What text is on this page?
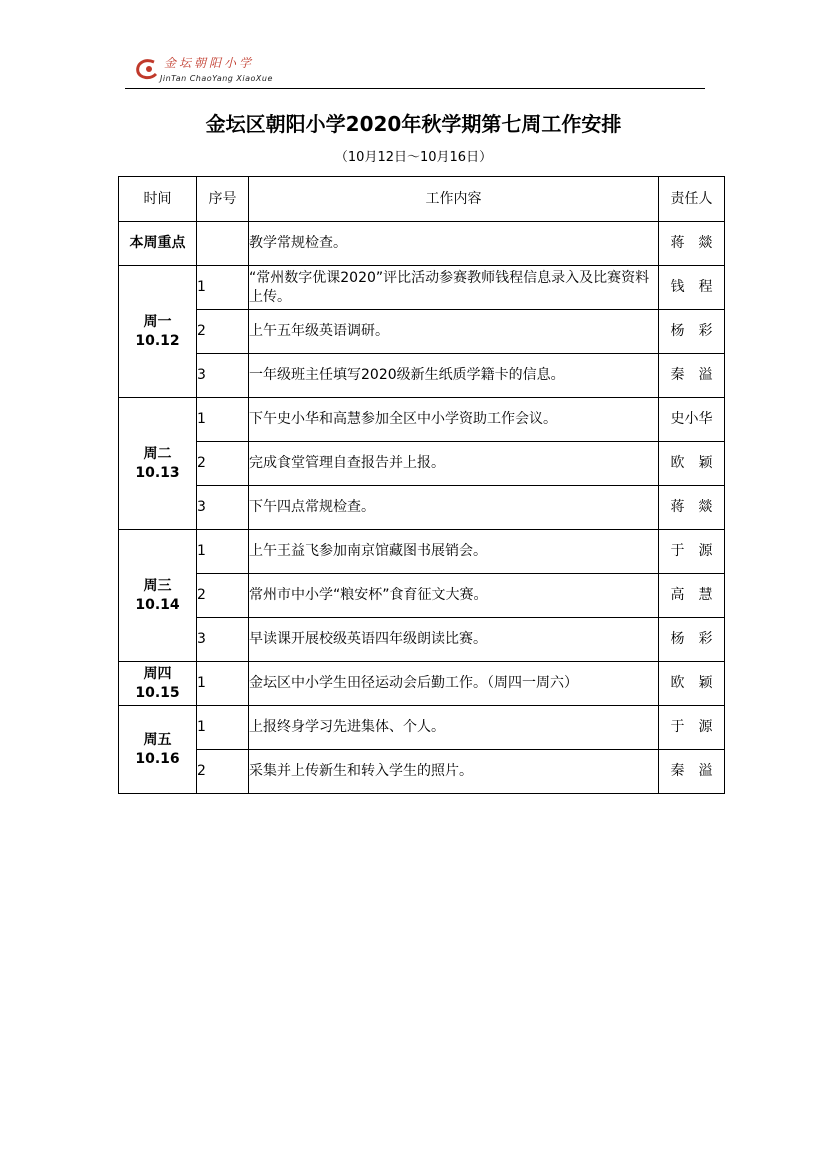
金坛朝阳小学
JinTan ChaoYang XiaoXue
金坛区朝阳小学2020年秋学期第七周工作安排
（10月12日～10月16日）
时间	序号	工作内容	责任人
本周重点		教学常规检查。	蒋　燚

周一
10.12	1	“常州数字优课2020”评比活动参赛教师钱程信息录入及比赛资料上传。	钱　程
	2	上午五年级英语调研。	杨　彩
	3	一年级班主任填写2020级新生纸质学籍卡的信息。	秦　溢

周二
10.13	1	下午史小华和高慧参加全区中小学资助工作会议。	史小华
	2	完成食堂管理自查报告并上报。	欧　颖
	3	下午四点常规检查。	蒋　燚

周三
10.14	1	上午王益飞参加南京馆藏图书展销会。	于　源
	2	常州市中小学“粮安杯”食育征文大赛。	高　慧
	3	早读课开展校级英语四年级朗读比赛。	杨　彩

周四
10.15	1	金坛区中小学生田径运动会后勤工作。（周四一周六）	欧　颖

周五
10.16	1	上报终身学习先进集体、个人。	于　源
	2	采集并上传新生和转入学生的照片。	秦　溢
